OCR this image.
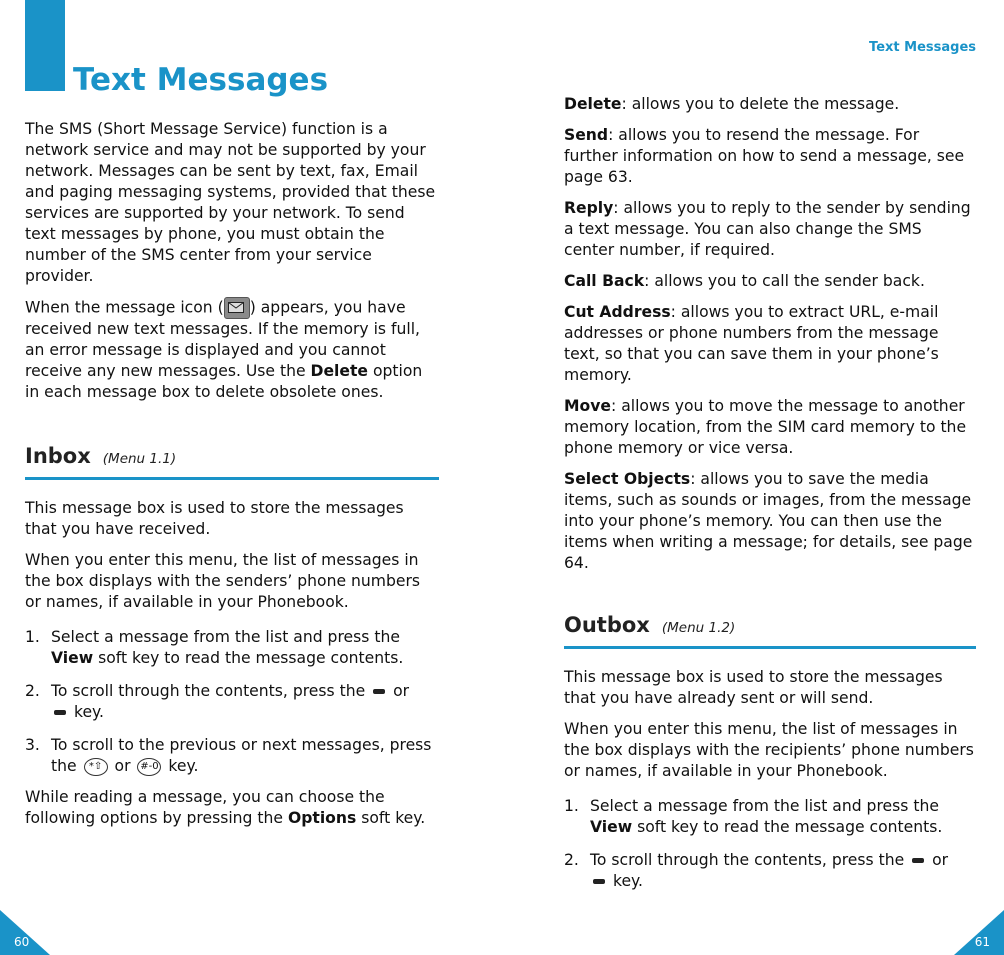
Text Messages
Text Messages
The SMS (Short Message Service) function is a network service and may not be supported by your network. Messages can be sent by text, fax, Email and paging messaging systems, provided that these services are supported by your network. To send text messages by phone, you must obtain the number of the SMS center from your service provider.
When the message icon ( ) appears, you have received new text messages. If the memory is full, an error message is displayed and you cannot receive any new messages. Use the Delete option in each message box to delete obsolete ones.
Inbox (Menu 1.1)
This message box is used to store the messages that you have received.
When you enter this menu, the list of messages in the box displays with the senders’ phone numbers or names, if available in your Phonebook.
1. Select a message from the list and press the View soft key to read the message contents.
2. To scroll through the contents, press the or
key.
3. To scroll to the previous or next messages, press the *⇧ or #-0 key.
While reading a message, you can choose the following options by pressing the Options soft key.
Delete: allows you to delete the message.
Send: allows you to resend the message. For further information on how to send a message, see page 63.
Reply: allows you to reply to the sender by sending a text message. You can also change the SMS center number, if required.
Call Back: allows you to call the sender back.
Cut Address: allows you to extract URL, e-mail addresses or phone numbers from the message text, so that you can save them in your phone’s memory.
Move: allows you to move the message to another memory location, from the SIM card memory to the phone memory or vice versa.
Select Objects: allows you to save the media items, such as sounds or images, from the message into your phone’s memory. You can then use the items when writing a message; for details, see page 64.
Outbox (Menu 1.2)
This message box is used to store the messages that you have already sent or will send.
When you enter this menu, the list of messages in the box displays with the recipients’ phone numbers or names, if available in your Phonebook.
1. Select a message from the list and press the View soft key to read the message contents.
2. To scroll through the contents, press the or
key.
60	61
